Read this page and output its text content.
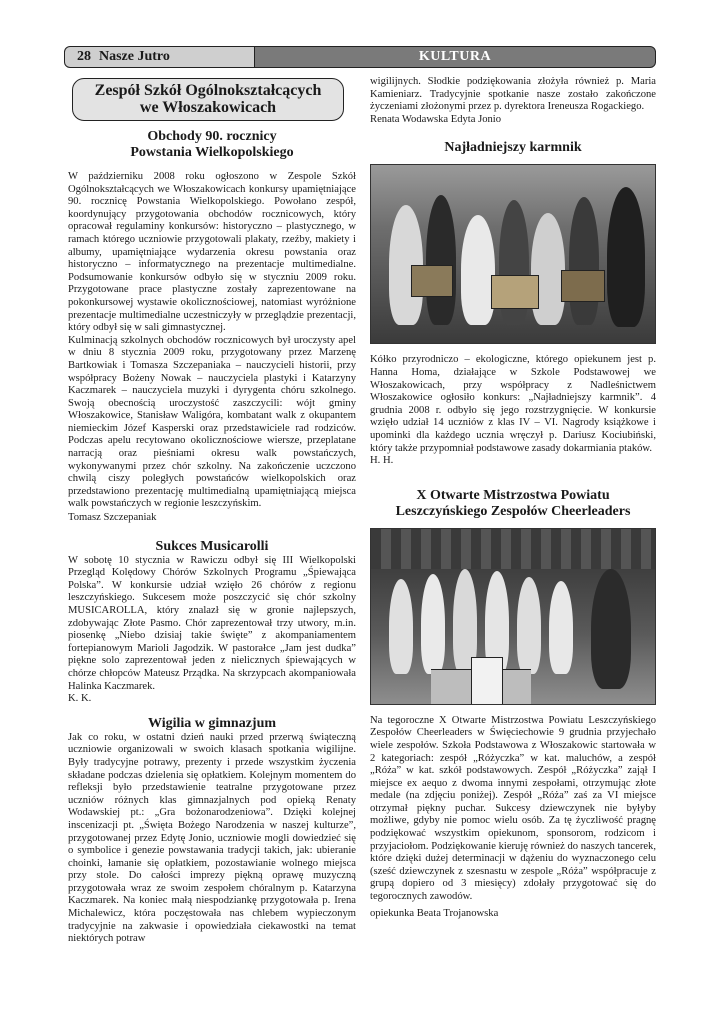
28 Nasze Jutro	KULTURA
Zespół Szkół Ogólnokształcących
we Włoszakowicach
Obchody 90. rocznicy
Powstania Wielkopolskiego

W październiku 2008 roku ogłoszono w Zespole Szkół Ogólnokształcących we Włoszakowicach konkursy upamiętniające 90. rocznicę Powstania Wielkopolskiego. Powołano zespół, koordynujący przygotowania obchodów rocznicowych, który opracował regulaminy konkursów: historyczno – plastycznego, w ramach którego uczniowie przygotowali plakaty, rzeźby, makiety i albumy, upamiętniające wydarzenia okresu powstania oraz historyczno – informatycznego na prezentacje multimedialne. Podsumowanie konkursów odbyło się w styczniu 2009 roku. Przygotowane prace plastyczne zostały zaprezentowane na pokonkursowej wystawie okolicznościowej, natomiast wyróżnione prezentacje multimedialne uczestniczyły w przeglądzie prezentacji, który odbył się w sali gimnastycznej.

Kulminacją szkolnych obchodów rocznicowych był uroczysty apel w dniu 8 stycznia 2009 roku, przygotowany przez Marzenę Bartkowiak i Tomasza Szczepaniaka – nauczycieli historii, przy współpracy Bożeny Nowak – nauczyciela plastyki i Katarzyny Kaczmarek – nauczyciela muzyki i dyrygenta chóru szkolnego. Swoją obecnością uroczystość zaszczycili: wójt gminy Włoszakowice, Stanisław Waligóra, kombatant walk z okupantem niemieckim Józef Kasperski oraz przedstawiciele rad rodziców. Podczas apelu recytowano okolicznościowe wiersze, przeplatane narracją oraz pieśniami okresu walk powstańczych, wykonywanymi przez chór szkolny. Na zakończenie uczczono chwilą ciszy poległych powstańców wielkopolskich oraz przedstawiono prezentację multimedialną upamiętniającą miejsca walk powstańczych w regionie leszczyńskim.

Tomasz Szczepaniak

Sukces Musicarolli

W sobotę 10 stycznia w Rawiczu odbył się III Wielkopolski Przegląd Kolędowy Chórów Szkolnych Programu „Śpiewająca Polska”. W konkursie udział wzięło 26 chórów z regionu leszczyńskiego. Sukcesem może poszczycić się chór szkolny MUSICAROLLA, który znalazł się w gronie najlepszych, zdobywając Złote Pasmo. Chór zaprezentował trzy utwory, m.in. piosenkę „Niebo dzisiaj takie święte” z akompaniamentem fortepianowym Marioli Jagodzik. W pastorałce „Jam jest dudka” piękne solo zaprezentował jeden z nielicznych śpiewających w chórze chłopców Mateusz Prządka. Na skrzypcach akompaniowała Halinka Kaczmarek.

K. K.

Wigilia w gimnazjum

Jak co roku, w ostatni dzień nauki przed przerwą świąteczną uczniowie organizowali w swoich klasach spotkania wigilijne. Były tradycyjne potrawy, prezenty i przede wszystkim życzenia składane podczas dzielenia się opłatkiem. Kolejnym momentem do refleksji było przedstawienie teatralne przygotowane przez uczniów różnych klas gimnazjalnych pod opieką Renaty Wodawskiej pt.: „Gra bożonarodzeniowa”. Dzięki kolejnej inscenizacji pt. „Święta Bożego Narodzenia w naszej kulturze”, przygotowanej przez Edytę Jonio, uczniowie mogli dowiedzieć się o symbolice i genezie powstawania tradycji takich, jak: ubieranie choinki, łamanie się opłatkiem, pozostawianie wolnego miejsca przy stole. Do całości imprezy piękną oprawę muzyczną przygotowała wraz ze swoim zespołem chóralnym p. Katarzyna Kaczmarek. Na koniec małą niespodziankę przygotowała p. Irena Michalewicz, która poczęstowała nas chlebem wypieczonym tradycyjnie na zakwasie i opowiedziała ciekawostki na temat niektórych potraw

wigilijnych. Słodkie podziękowania złożyła również p. Maria Kamieniarz. Tradycyjnie spotkanie nasze zostało zakończone życzeniami złożonymi przez p. dyrektora Ireneusza Rogackiego.

Renata Wodawska Edyta Jonio

Najładniejszy karmnik

Kółko przyrodniczo – ekologiczne, którego opiekunem jest p. Hanna Homa, działające w Szkole Podstawowej we Włoszakowicach, przy współpracy z Nadleśnictwem Włoszakowice ogłosiło konkurs: „Najładniejszy karmnik”. 4 grudnia 2008 r. odbyło się jego rozstrzygnięcie. W konkursie wzięło udział 14 uczniów z klas IV – VI. Nagrody książkowe i upominki dla każdego ucznia wręczył p. Dariusz Kociubiński, który także przypomniał podstawowe zasady dokarmiania ptaków.

H. H.

X Otwarte Mistrzostwa Powiatu
Leszczyńskiego Zespołów Cheerleaders

Na tegoroczne X Otwarte Mistrzostwa Powiatu Leszczyńskiego Zespołów Cheerleaders w Święciechowie 9 grudnia przyjechało wiele zespołów. Szkoła Podstawowa z Włoszakowic startowała w 2 kategoriach: zespół „Różyczka” w kat. maluchów, a zespół „Róża” w kat. szkół podstawowych. Zespół „Różyczka” zajął I miejsce ex aequo z dwoma innymi zespołami, otrzymując złote medale (na zdjęciu poniżej). Zespół „Róża” zaś za VI miejsce otrzymał piękny puchar. Sukcesy dziewczynek nie byłyby możliwe, gdyby nie pomoc wielu osób. Za tę życzliwość pragnę podziękować wszystkim opiekunom, sponsorom, rodzicom i przyjaciołom. Podziękowanie kieruję również do naszych tancerek, które dzięki dużej determinacji w dążeniu do wyznaczonego celu (sześć dziewczynek z szesnastu w zespole „Róża” współpracuje z grupą dopiero od 3 miesięcy) zdołały przygotować się do tegorocznych zawodów.

opiekunka Beata Trojanowska
